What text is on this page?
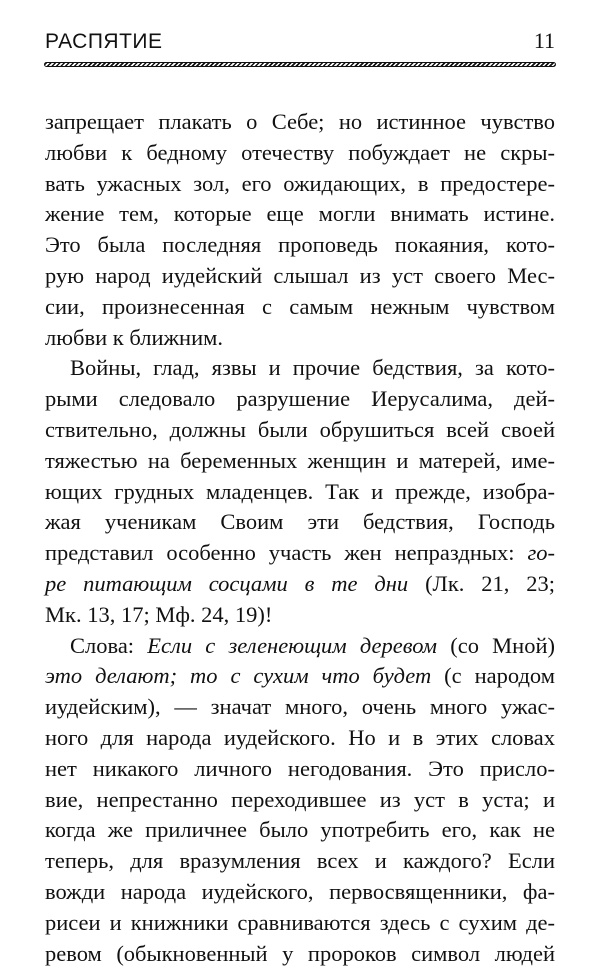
РАСПЯТИЕ	11
запрещает плакать о Себе; но истинное чувство
любви к бедному отечеству побуждает не скры-
вать ужасных зол, его ожидающих, в предостере-
жение тем, которые еще могли внимать истине.
Это была последняя проповедь покаяния, кото-
рую народ иудейский слышал из уст своего Мес-
сии, произнесенная с самым нежным чувством
любви к ближним.
Войны, глад, язвы и прочие бедствия, за кото-
рыми следовало разрушение Иерусалима, дей-
ствительно, должны были обрушиться всей своей
тяжестью на беременных женщин и матерей, име-
ющих грудных младенцев. Так и прежде, изобра-
жая ученикам Своим эти бедствия, Господь
представил особенно участь жен непраздных: го-
ре питающим сосцами в те дни (Лк. 21, 23;
Мк. 13, 17; Мф. 24, 19)!
Слова: Если с зеленеющим деревом (со Мной)
это делают; то с сухим что будет (с народом
иудейским), — значат много, очень много ужас-
ного для народа иудейского. Но и в этих словах
нет никакого личного негодования. Это присло-
вие, непрестанно переходившее из уст в уста; и
когда же приличнее было употребить его, как не
теперь, для вразумления всех и каждого? Если
вожди народа иудейского, первосвященники, фа-
рисеи и книжники сравниваются здесь с сухим де-
ревом (обыкновенный у пророков символ людей
